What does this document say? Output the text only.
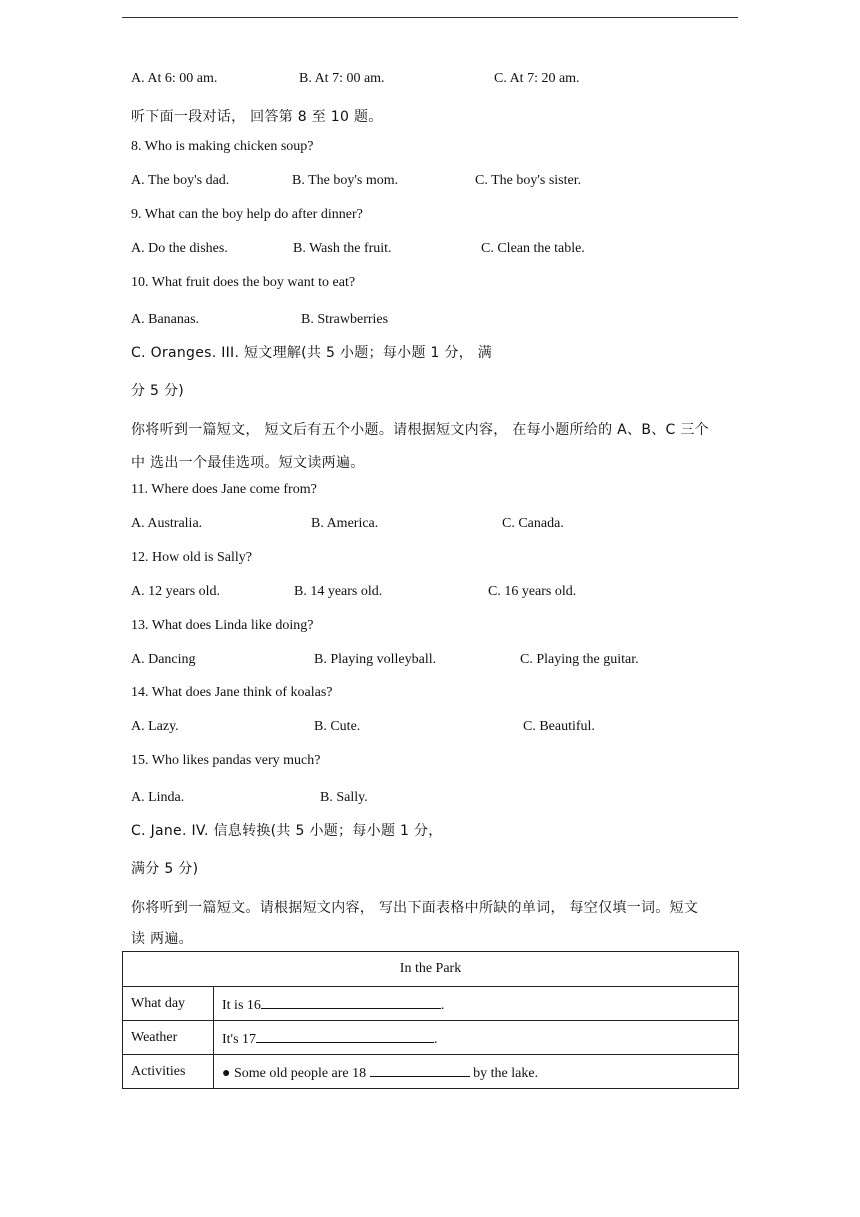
A. At 6: 00 am.	B. At 7: 00 am.	C. At 7: 20 am.
听下面一段对话， 回答第 8 至 10 题。
8. Who is making chicken soup?
A. The boy's dad.	B. The boy's mom.	C. The boy's sister.
9. What can the boy help do after dinner?
A. Do the dishes.	B. Wash the fruit.	C. Clean the table.
10. What fruit does the boy want to eat?
A. Bananas.	B. Strawberries
C. Oranges. III. 短文理解(共 5 小题；每小题 1 分， 满
分 5 分)
你将听到一篇短文， 短文后有五个小题。请根据短文内容， 在每小题所给的 A、B、C 三个
中 选出一个最佳选项。短文读两遍。
11. Where does Jane come from?
A. Australia.	B. America.	C. Canada.
12. How old is Sally?
A. 12 years old.	B. 14 years old.	C. 16 years old.
13. What does Linda like doing?
A. Dancing	B. Playing volleyball.	C. Playing the guitar.
14. What does Jane think of koalas?
A. Lazy.	B. Cute.	C. Beautiful.
15. Who likes pandas very much?
A. Linda.	B. Sally.
C. Jane. IV. 信息转换(共 5 小题；每小题 1 分，
满分 5 分)
你将听到一篇短文。请根据短文内容， 写出下面表格中所缺的单词， 每空仅填一词。短文
读 两遍。
In the Park	
What day	It is 16 .
Weather	It's 17 .
Activities	● Some old people are 18 by the lake.
